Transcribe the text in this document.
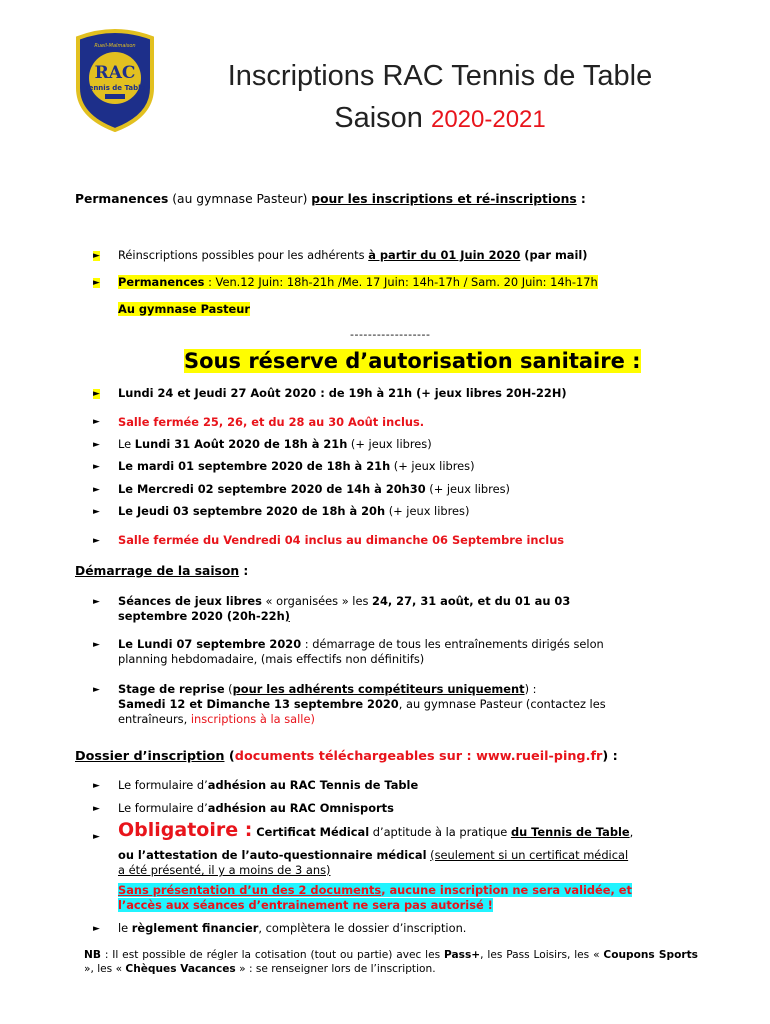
Rueil-Malmaison
RAC
Tennis de Table	Inscriptions RAC Tennis de Table
Saison 2020-2021
Permanences (au gymnase Pasteur) pour les inscriptions et ré-inscriptions :
► Réinscriptions possibles pour les adhérents à partir du 01 Juin 2020 (par mail)
► Permanences : Ven.12 Juin: 18h-21h /Me. 17 Juin: 14h-17h / Sam. 20 Juin: 14h-17h
Au gymnase Pasteur
------------------
Sous réserve d’autorisation sanitaire :
► Lundi 24 et Jeudi 27 Août 2020 : de 19h à 21h (+ jeux libres 20H-22H)
► Salle fermée 25, 26, et du 28 au 30 Août inclus.
► Le Lundi 31 Août 2020 de 18h à 21h (+ jeux libres)
► Le mardi 01 septembre 2020 de 18h à 21h (+ jeux libres)
► Le Mercredi 02 septembre 2020 de 14h à 20h30 (+ jeux libres)
► Le Jeudi 03 septembre 2020 de 18h à 20h (+ jeux libres)
► Salle fermée du Vendredi 04 inclus au dimanche 06 Septembre inclus
Démarrage de la saison :
► Séances de jeux libres « organisées » les 24, 27, 31 août, et du 01 au 03
septembre 2020 (20h-22h)
► Le Lundi 07 septembre 2020 : démarrage de tous les entraînements dirigés selon
planning hebdomadaire, (mais effectifs non définitifs)
► Stage de reprise (pour les adhérents compétiteurs uniquement) :
Samedi 12 et Dimanche 13 septembre 2020, au gymnase Pasteur (contactez les
entraîneurs, inscriptions à la salle)
Dossier d’inscription (documents téléchargeables sur : www.rueil-ping.fr) :
► Le formulaire d’adhésion au RAC Tennis de Table
► Le formulaire d’adhésion au RAC Omnisports
► Obligatoire : Certificat Médical d’aptitude à la pratique du Tennis de Table,
ou l’attestation de l’auto-questionnaire médical (seulement si un certificat médical
a été présenté, il y a moins de 3 ans)
Sans présentation d’un des 2 documents, aucune inscription ne sera validée, et
l’accès aux séances d’entrainement ne sera pas autorisé !
► le règlement financier, complètera le dossier d’inscription.
NB : Il est possible de régler la cotisation (tout ou partie) avec les Pass+, les Pass Loisirs, les « Coupons Sports », les « Chèques Vacances » : se renseigner lors de l’inscription.
